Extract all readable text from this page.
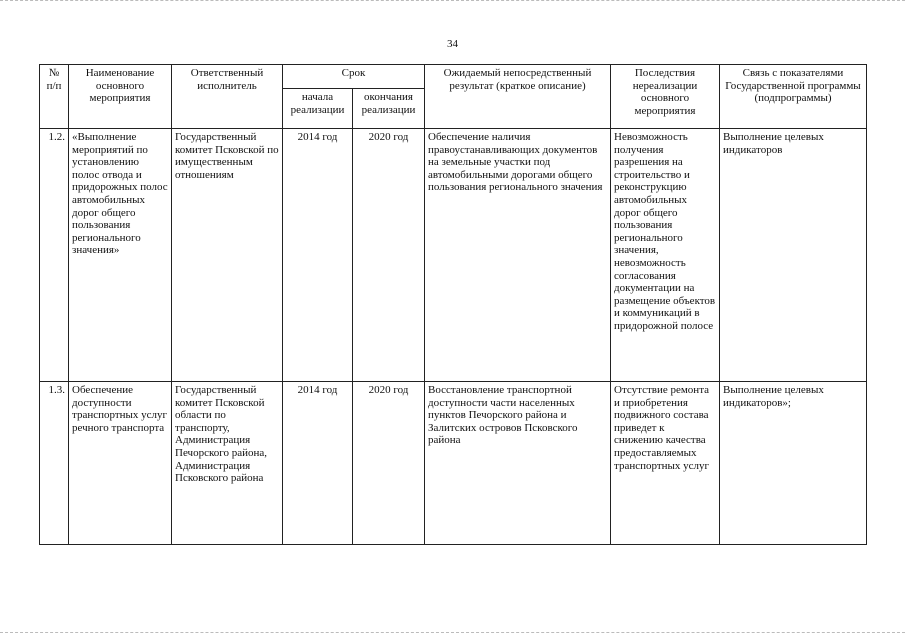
34
№ п/п	Наименование основного мероприятия	Ответственный исполнитель	Срок		Ожидаемый непосредственный результат (краткое описание)	Последствия нереализации основного мероприятия	Связь с показателями Государственной программы (подпрограммы)
			начала реализации	окончания реализации			
1.2.	«Выполнение мероприятий по установлению полос отвода и придорожных полос автомобильных дорог общего пользования регионального значения»	Государственный комитет Псковской по имущественным отношениям	2014 год	2020 год	Обеспечение наличия правоустанавливающих документов на земельные участки под автомобильными дорогами общего пользования регионального значения	Невозможность получения разрешения на строительство и реконструкцию автомобильных дорог общего пользования регионального значения, невозможность согласования документации на размещение объектов и коммуникаций в придорожной полосе	Выполнение целевых индикаторов
1.3.	Обеспечение доступности транспортных услуг речного транспорта	Государственный комитет Псковской области по транспорту, Администрация Печорского района, Администрация Псковского района	2014 год	2020 год	Восстановление транспортной доступности части населенных пунктов Печорского района и Залитских островов Псковского района	Отсутствие ремонта и приобретения подвижного состава приведет к снижению качества предоставляемых транспортных услуг	Выполнение целевых индикаторов»;
